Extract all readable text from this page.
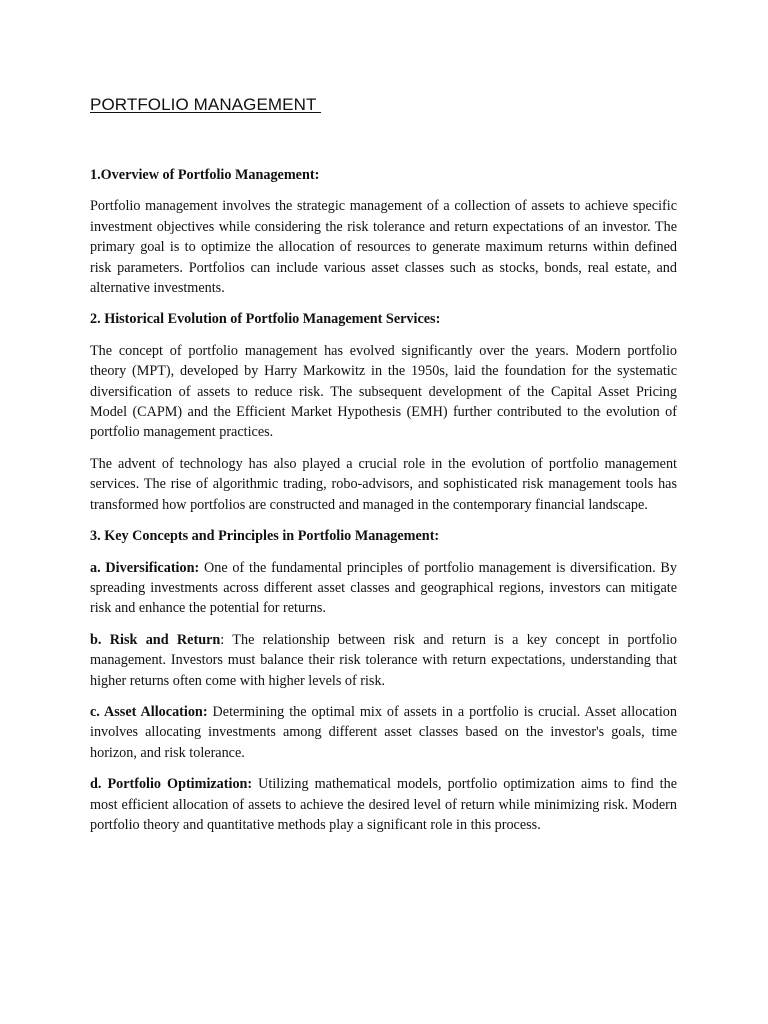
PORTFOLIO MANAGEMENT
1.Overview of Portfolio Management:

Portfolio management involves the strategic management of a collection of assets to achieve specific investment objectives while considering the risk tolerance and return expectations of an investor. The primary goal is to optimize the allocation of resources to generate maximum returns within defined risk parameters. Portfolios can include various asset classes such as stocks, bonds, real estate, and alternative investments.

2. Historical Evolution of Portfolio Management Services:

The concept of portfolio management has evolved significantly over the years. Modern portfolio theory (MPT), developed by Harry Markowitz in the 1950s, laid the foundation for the systematic diversification of assets to reduce risk. The subsequent development of the Capital Asset Pricing Model (CAPM) and the Efficient Market Hypothesis (EMH) further contributed to the evolution of portfolio management practices.

The advent of technology has also played a crucial role in the evolution of portfolio management services. The rise of algorithmic trading, robo-advisors, and sophisticated risk management tools has transformed how portfolios are constructed and managed in the contemporary financial landscape.

3. Key Concepts and Principles in Portfolio Management:

a. Diversification: One of the fundamental principles of portfolio management is diversification. By spreading investments across different asset classes and geographical regions, investors can mitigate risk and enhance the potential for returns.

b. Risk and Return: The relationship between risk and return is a key concept in portfolio management. Investors must balance their risk tolerance with return expectations, understanding that higher returns often come with higher levels of risk.

c. Asset Allocation: Determining the optimal mix of assets in a portfolio is crucial. Asset allocation involves allocating investments among different asset classes based on the investor's goals, time horizon, and risk tolerance.

d. Portfolio Optimization: Utilizing mathematical models, portfolio optimization aims to find the most efficient allocation of assets to achieve the desired level of return while minimizing risk. Modern portfolio theory and quantitative methods play a significant role in this process.
